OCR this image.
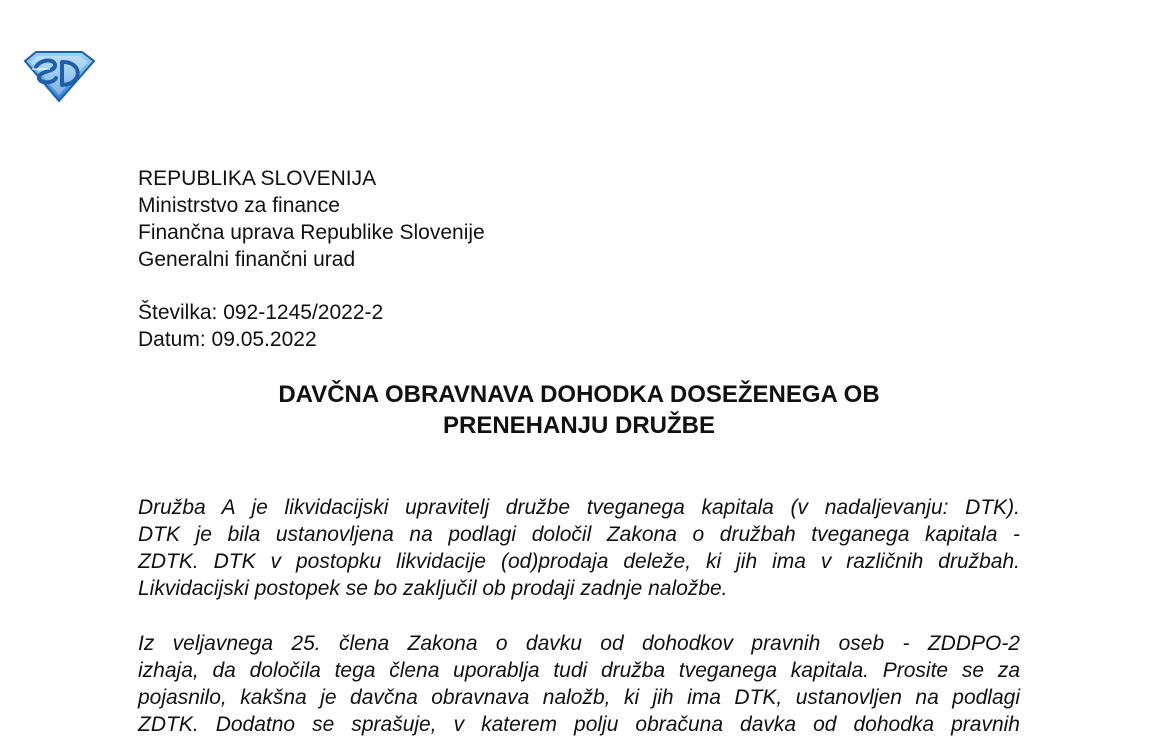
REPUBLIKA SLOVENIJA
Ministrstvo za finance
Finančna uprava Republike Slovenije
Generalni finančni urad
Številka: 092-1245/2022-2
Datum: 09.05.2022
DAVČNA OBRAVNAVA DOHODKA DOSEŽENEGA OB
PRENEHANJU DRUŽBE
Družba A je likvidacijski upravitelj družbe tveganega kapitala (v nadaljevanju: DTK).
DTK je bila ustanovljena na podlagi določil Zakona o družbah tveganega kapitala -
ZDTK. DTK v postopku likvidacije (od)prodaja deleže, ki jih ima v različnih družbah.
Likvidacijski postopek se bo zaključil ob prodaji zadnje naložbe.
Iz veljavnega 25. člena Zakona o davku od dohodkov pravnih oseb - ZDDPO-2
izhaja, da določila tega člena uporablja tudi družba tveganega kapitala. Prosite se za
pojasnilo, kakšna je davčna obravnava naložb, ki jih ima DTK, ustanovljen na podlagi
ZDTK. Dodatno se sprašuje, v katerem polju obračuna davka od dohodka pravnih
